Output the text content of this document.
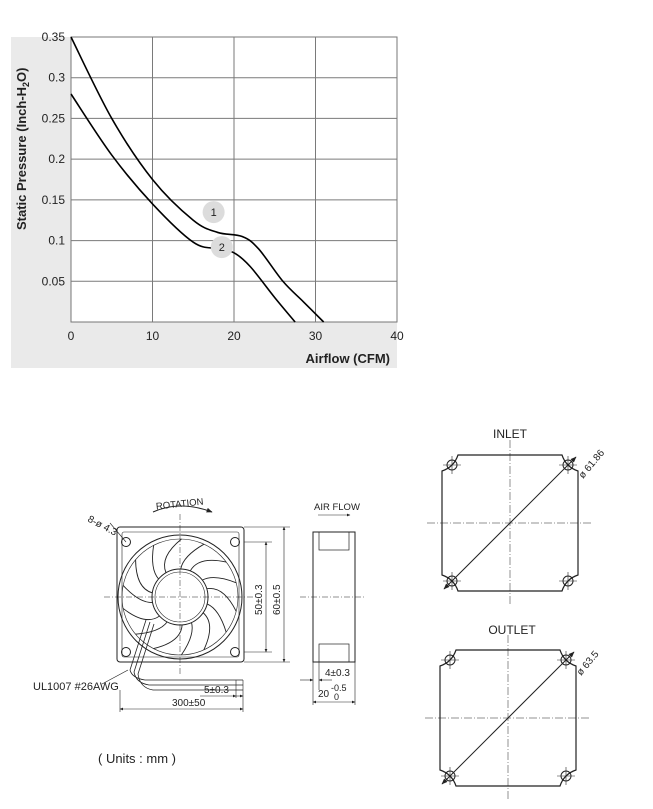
0	10	20	30	40
0.05
0.1
0.15
0.2
0.25
0.3
0.35
1
2
Airflow (CFM)
Static Pressure $(Inch-H_2O)$
ROTATION
8-ø 4.3
UL1007 #26AWG
50±0.3 60±0.5
5±0.3
300±50
AIR FLOW
4±0.3
20
-0.5
0
INLET
ø 61.86
OUTLET
ø 63.5
( Units : mm )
